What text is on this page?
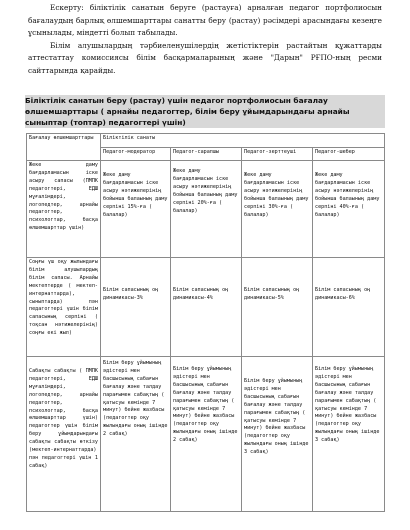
Ескерту: біліктілік санатын беруге (растауға) арналған педагог портфолиосын бағалаудың барлық өлшемшарттары санатты беру (растау) рәсімдері арасындағы кезеңге ұсынылады, міндетті болып табылады.

Білім алушылардың тәрбиеленушілердің жетістіктерін растайтын құжаттарды аттестаттау комиссиясы білім басқармаларының және "Дарын" РҒПО-ның ресми сайттарында қарайды.

Біліктілік санатын беру (растау) үшін педагог портфолиосын бағалау өлшемшарттары ( арнайы педагогтер, білім беру ұйымдарындағы арнайы сыныптар (топтар) педагогтері үшін)
Бағалау өлшемшарттары	Біліктілік санаты			
	Педагог-модератор	Педагог-сарапшы	Педагог-зерттеуші	Педагог-шебер
Жеке даму бағдарламасын іске асыру сапасы (ПМПК педагогтері, ЕДШ мұғалімдері, логопедтер, арнайы педагогтер, психологтар, басқа өлшемшарттар үшін)	Жеке даму бағдарламасын іске асыру нәтижелерінің бойынша балаының даму серпіні 15%-ға ( балалар)	Жеке даму бағдарламасын іске асыру нәтижелерінің бойынша балаының даму серпіні 20%-ға ( балалар)	Жеке даму бағдарламасын іске асыру нәтижелерінің бойынша балаының даму серпіні 30%-ға ( балалар)	Жеке даму бағдарламасын іске асыру нәтижелерінің бойынша балаының даму серпіні 40%-ға ( балалар)

Соңғы үш оқу жылындағы білім алушылардың білім сапасы. Арнайы мектептерде ( мектеп-интернаттарда), сыныптарда) пән педагогтері үшін білім сапасының серпіні ( тоқсан нәтижелерінің) соңғы екі жыл)	Білім сапасының оң динамикасы-3%	Білім сапасының оң динамикасы-4%	Білім сапасының оң динамикасы-5%	Білім сапасының оң динамикасы-6%

Сабақты сабақты ( ПМПК педагогтері, ЕДШ мұғалімдері, логопедтер, арнайы педагогтер, психологтар, басқа өлшемшарттар үшін) педагогтер үшін білім беру ұйымдарындағы сабақты сабақты өткізу (мектеп-интернаттарда) пән педагогтері үшін 1 сабақ)	Білім беру ұйымының әдістері мен басшысының сабағын бағалау және талдау парағымен сабақтың ( қатысуы кемінде 7 минут) бейне жазбасы (педагогтер оқу жылындағы оның ішінде 2 сабақ)	Білім беру ұйымының әдістері мен басшысының сабағын бағалау және талдау парағымен сабақтың ( қатысуы кемінде 7 минут) бейне жазбасы (педагогтер оқу жылындағы оның ішінде 2 сабақ)	Білім беру ұйымының әдістері мен басшысының сабағын бағалау және талдау парағымен сабақтың ( қатысуы кемінде 7 минут) бейне жазбасы (педагогтер оқу жылындағы оның ішінде 3 сабақ)	Білім беру ұйымының әдістері мен басшысының сабағын бағалау және талдау парағымен сабақтың ( қатысуы кемінде 7 минут) бейне жазбасы (педагогтер оқу жылындағы оның ішінде 3 сабақ)
